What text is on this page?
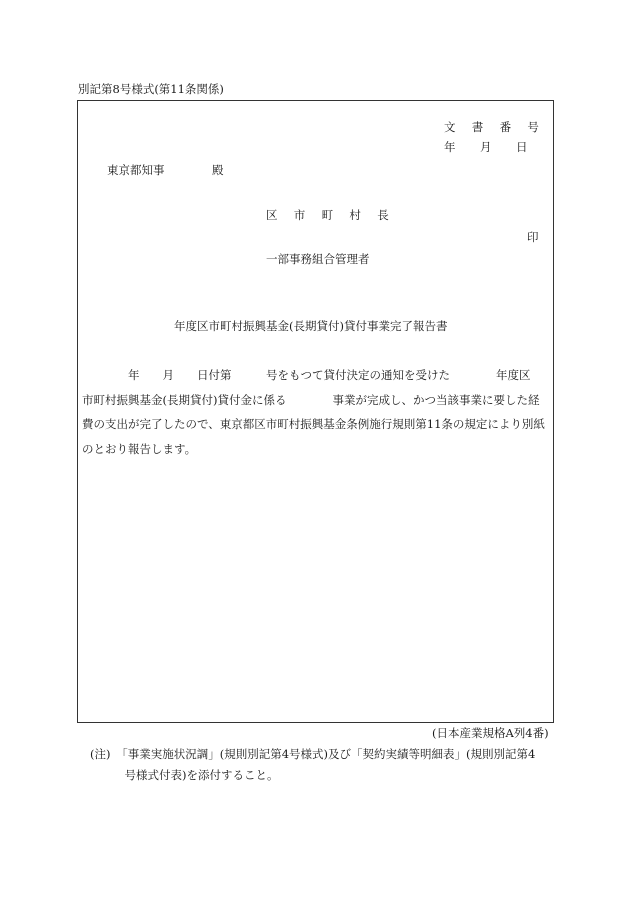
別記第8号様式(第11条関係)
文 書 番 号
年 月 日
東京都知事	殿
区 市 町 村 長
印
一部事務組合管理者
年度区市町村振興基金(長期貸付)貸付事業完了報告書
　　　　年　　月　　日付第　　　号をもつて貸付決定の通知を受けた　　　　年度区
市町村振興基金(長期貸付)貸付金に係る　　　　事業が完成し、かつ当該事業に要した経
費の支出が完了したので、東京都区市町村振興基金条例施行規則第11条の規定により別紙
のとおり報告します。
(日本産業規格A列4番)
(注)　「事業実施状況調」(規則別記第4号様式)及び「契約実績等明細表」(規則別記第4
　　　号様式付表)を添付すること。
